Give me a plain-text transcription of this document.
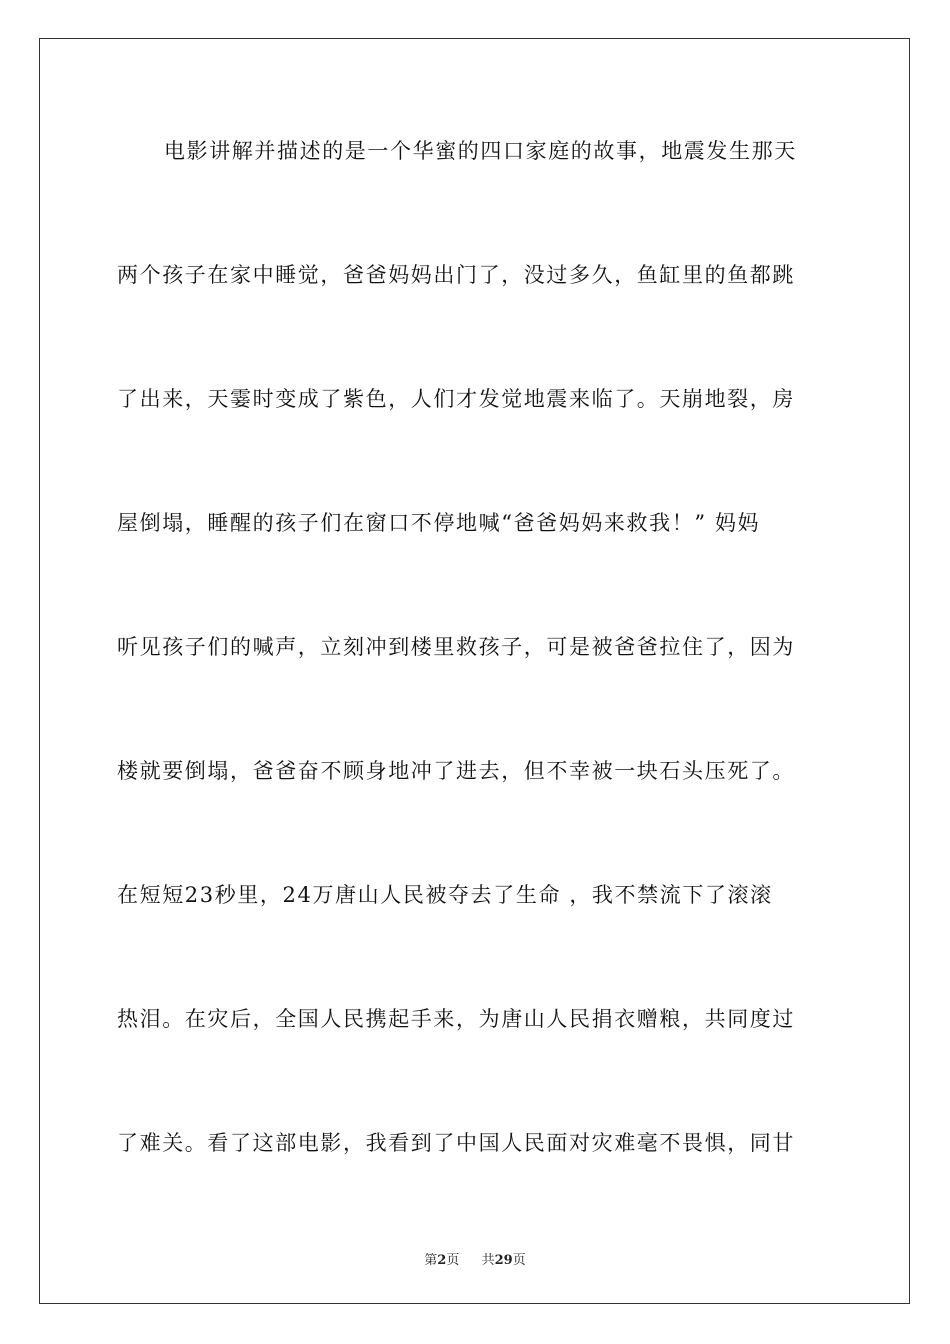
电影讲解并描述的是一个华蜜的四口家庭的故事，地震发生那天
两个孩子在家中睡觉，爸爸妈妈出门了，没过多久，鱼缸里的鱼都跳
了出来，天霎时变成了紫色，人们才发觉地震来临了。天崩地裂，房
屋倒塌，睡醒的孩子们在窗口不停地喊“爸爸妈妈来救我！” 妈妈
听见孩子们的喊声，立刻冲到楼里救孩子，可是被爸爸拉住了，因为
楼就要倒塌，爸爸奋不顾身地冲了进去，但不幸被一块石头压死了。
在短短23秒里，24万唐山人民被夺去了生命 ，我不禁流下了滚滚
热泪。在灾后，全国人民携起手来，为唐山人民捐衣赠粮，共同度过
了难关。看了这部电影，我看到了中国人民面对灾难毫不畏惧，同甘
第2页 共29页
